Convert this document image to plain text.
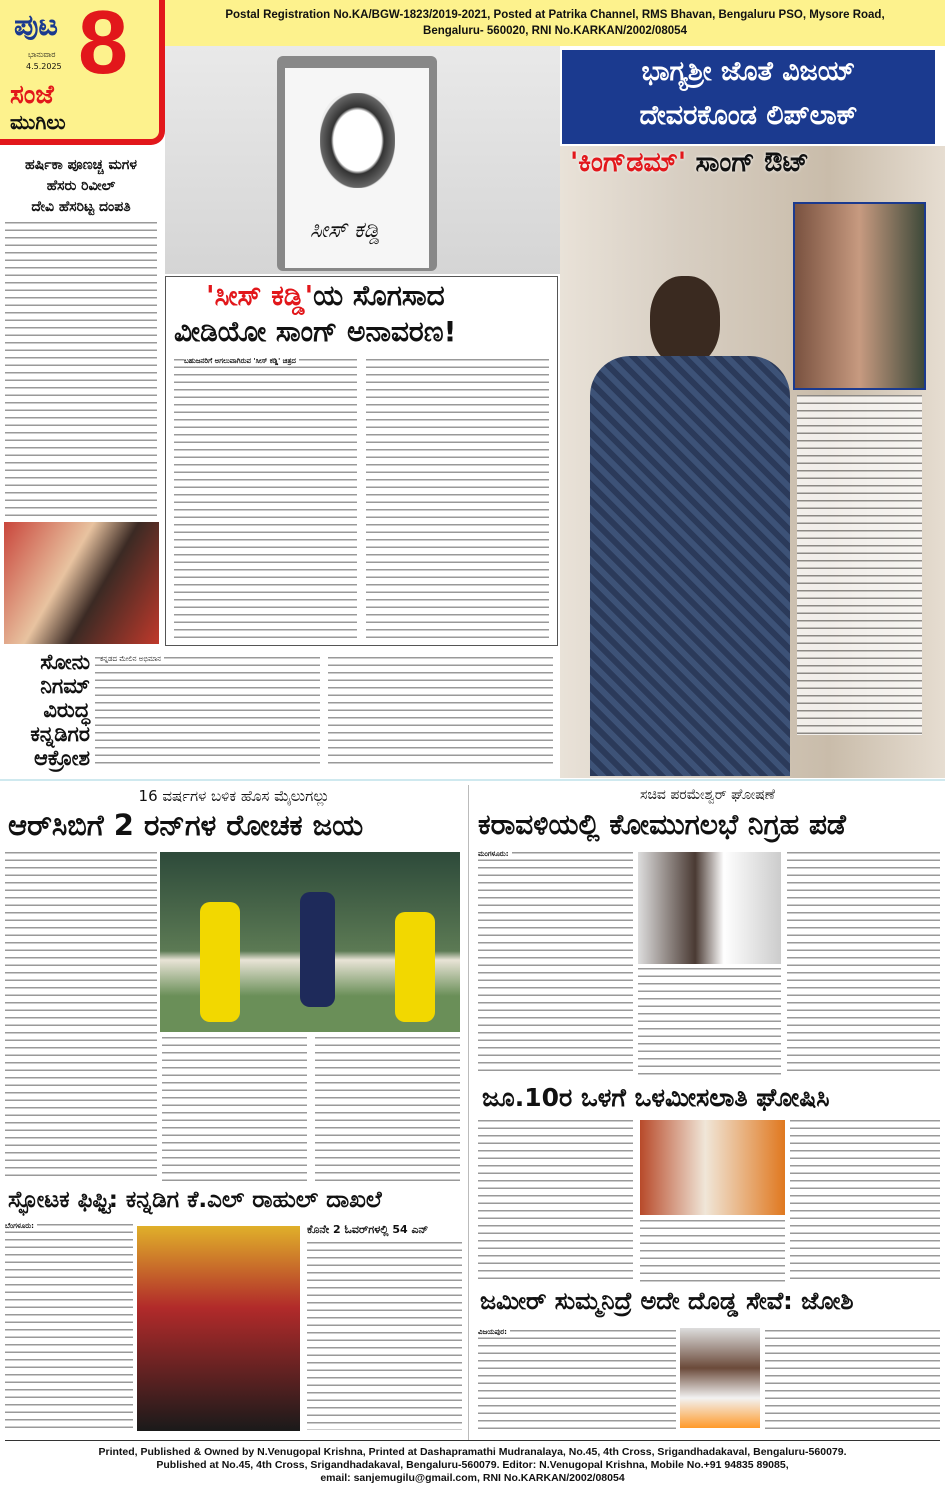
ಪುಟ 8
ಭಾನುವಾರ
4.5.2025
ಸಂಜೆ
ಮುಗಿಲು
Postal Registration No.KA/BGW-1823/2019-2021, Posted at Patrika Channel, RMS Bhavan, Bengaluru PSO, Mysore Road,
Bengaluru- 560020, RNI No.KARKAN/2002/08054
ಹರ್ಷಿಕಾ ಪೂಣಚ್ಚ ಮಗಳ
ಹೆಸರು ರಿವೀಲ್
ದೇವಿ ಹೆಸರಿಟ್ಟ ದಂಪತಿ
ಸೀಸ್ ಕಡ್ಡಿ
'ಸೀಸ್ ಕಡ್ಡಿ'ಯ ಸೊಗಸಾದ
ವೀಡಿಯೋ ಸಾಂಗ್ ಅನಾವರಣ!
ಬಹುಜನರಿಗೆ ಅಗಲುವಾಗಿರುವ 'ಸೀಸ್ ಕಡ್ಡಿ' ಚಿತ್ರದ
ಭಾಗ್ಯಶ್ರೀ ಜೊತೆ ವಿಜಯ್
ದೇವರಕೊಂಡ ಲಿಪ್‌ಲಾಕ್
'ಕಿಂಗ್‌ಡಮ್' ಸಾಂಗ್ ಔಟ್
ಸೋನು
ನಿಗಮ್
ವಿರುದ್ಧ
ಕನ್ನಡಿಗರ
ಆಕ್ರೋಶ
ಕನ್ನಡದ ಮೇಲಿನ ಅಭಿಮಾನ
16 ವರ್ಷಗಳ ಬಳಿಕ ಹೊಸ ಮೈಲುಗಲ್ಲು
ಆರ್‌ಸಿಬಿಗೆ 2 ರನ್‌ಗಳ ರೋಚಕ ಜಯ
ಸ್ಫೋಟಕ ಫಿಫ್ಟಿ: ಕನ್ನಡಿಗ ಕೆ.ಎಲ್ ರಾಹುಲ್ ದಾಖಲೆ
ಬೆಂಗಳೂರು:	ಕೊನೇ 2 ಓವರ್‌ಗಳಲ್ಲಿ 54 ಎನ್
ಸಚಿವ ಪರಮೇಶ್ವರ್ ಘೋಷಣೆ
ಕರಾವಳಿಯಲ್ಲಿ ಕೋಮುಗಲಭೆ ನಿಗ್ರಹ ಪಡೆ
ಮಂಗಳೂರು:
ಜೂ.10ರ ಒಳಗೆ ಒಳಮೀಸಲಾತಿ ಘೋಷಿಸಿ
ಜಮೀರ್ ಸುಮ್ಮನಿದ್ರೆ ಅದೇ ದೊಡ್ಡ ಸೇವೆ: ಜೋಶಿ
ವಿಜಯಪುರ:
Printed, Published & Owned by N.Venugopal Krishna, Printed at Dashapramathi Mudranalaya, No.45, 4th Cross, Srigandhadakaval, Bengaluru-560079.
Published at No.45, 4th Cross, Srigandhadakaval, Bengaluru-560079. Editor: N.Venugopal Krishna, Mobile No.+91 94835 89085,
email: sanjemugilu@gmail.com, RNI No.KARKAN/2002/08054
